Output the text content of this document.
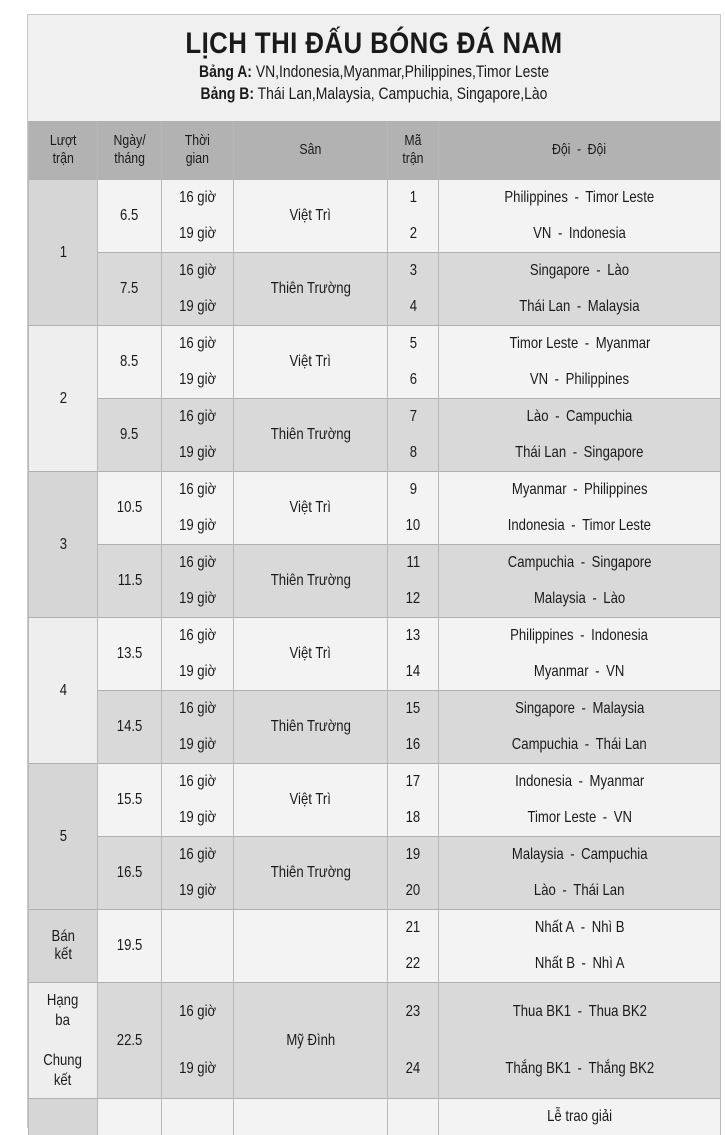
LỊCH THI ĐẤU BÓNG ĐÁ NAM
Bảng A: VN,Indonesia,Myanmar,Philippines,Timor Leste
Bảng B: Thái Lan,Malaysia, Campuchia, Singapore,Lào
Lượt
trận	Ngày/
tháng	Thời
gian	Sân	Mã
trận	Đội - Đội
1	6.5	16 giờ	Việt Trì	1	Philippines - Timor Leste
		19 giờ		2	VN - Indonesia
	7.5	16 giờ	Thiên Trường	3	Singapore - Lào
		19 giờ		4	Thái Lan - Malaysia
2	8.5	16 giờ	Việt Trì	5	Timor Leste - Myanmar
		19 giờ		6	VN - Philippines
	9.5	16 giờ	Thiên Trường	7	Lào - Campuchia
		19 giờ		8	Thái Lan - Singapore
3	10.5	16 giờ	Việt Trì	9	Myanmar - Philippines
		19 giờ		10	Indonesia - Timor Leste
	11.5	16 giờ	Thiên Trường	11	Campuchia - Singapore
		19 giờ		12	Malaysia - Lào
4	13.5	16 giờ	Việt Trì	13	Philippines - Indonesia
		19 giờ		14	Myanmar - VN
	14.5	16 giờ	Thiên Trường	15	Singapore - Malaysia
		19 giờ		16	Campuchia - Thái Lan
5	15.5	16 giờ	Việt Trì	17	Indonesia - Myanmar
		19 giờ		18	Timor Leste - VN
	16.5	16 giờ	Thiên Trường	19	Malaysia - Campuchia
		19 giờ		20	Lào - Thái Lan
Bán
kết	19.5			21	Nhất A - Nhì B
				22	Nhất B - Nhì A
Hạng
ba

Chung
kết	22.5	16 giờ	Mỹ Đình	23	Thua BK1 - Thua BK2
		19 giờ		24	Thắng BK1 - Thắng BK2
					Lễ trao giải
